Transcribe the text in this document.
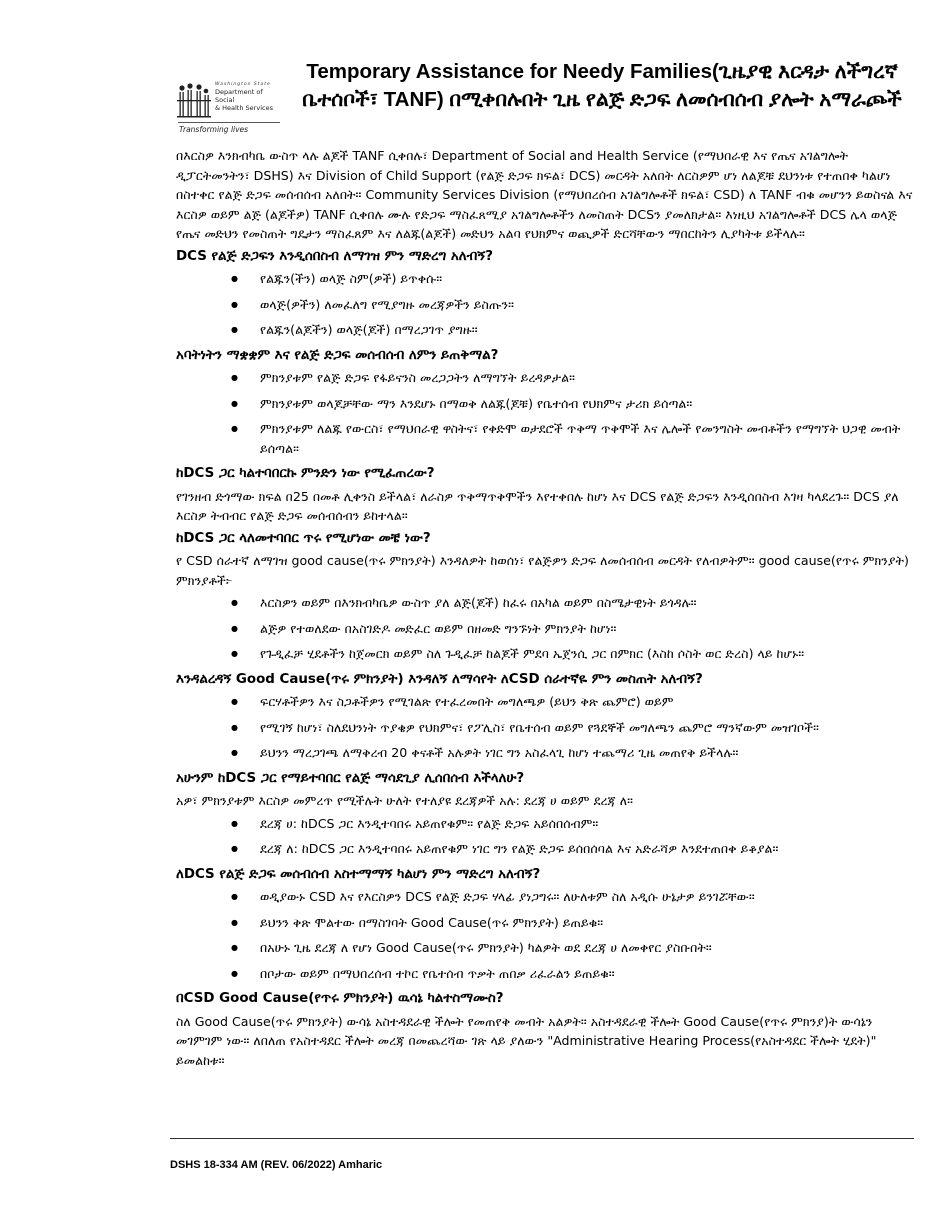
Washington State
Department of Social
& Health Services
Transforming lives
Temporary Assistance for Needy Families(ጊዜያዊ እርዳታ ለችግረኛ ቤተሰቦች፣ TANF) በሚቀበሉበት ጊዜ የልጅ ድጋፍ ለመሰብሰብ ያሎት አማራጮች

በእርስዎ እንክብካቤ ውስጥ ላሉ ልጆች TANF ሲቀበሉ፣ Department of Social and Health Service (የማህበራዊ እና የጤና አገልግሎት ዲፓርትመንትን፣ DSHS) እና Division of Child Support (የልጅ ድጋፍ ክፍል፣ DCS) መርዳት አለበት ለርስዎም ሆነ ለልጆቹ ደህንነቱ የተጠበቀ ካልሆነ በስተቀር የልጅ ድጋፍ መሰብሰብ አለበት። Community Services Division (የማህበረሰብ አገልግሎቶች ክፍል፣ CSD) ለ TANF ብቁ መሆንን ይወስናል እና እርስዎ ወይም ልጅ (ልጆችዎ) TANF ሲቀበሉ ሙሉ የድጋፍ ማስፈጸሚያ አገልግሎቶችን ለመስጠት DCSን ያመለክታል። እነዚህ አገልግሎቶች DCS ሌላ ወላጅ የጤና መድህን የመስጠት ግዴታን ማስፈጸም እና ለልጁ(ልጆች) መድህን አልባ የህክምና ወጪዎች ድርሻቸውን ማበርከትን ሊያካትቱ ይችላሉ።

DCS የልጅ ድጋፍን እንዲሰበስብ ለማገዝ ምን ማድረግ አለብኝ?
● የልጁን(ችን) ወላጅ ስም(ዎች) ይጥቀሱ።
● ወላጅ(ዎችን) ለመፈለግ የሚያግዙ መረጃዎችን ይስጡን።
● የልጁን(ልጆችን) ወላጅ(ጆች) በማረጋገጥ ያግዙ።
አባትነትን ማቋቋም እና የልጅ ድጋፍ መሰብሰብ ለምን ይጠቅማል?
● ምክንያቱም የልጅ ድጋፍ የፋይናንስ መረጋጋትን ለማግኘት ይረዳዎታል።
● ምክንያቱም ወላጆቻቸው ማን እንደሆኑ በማወቅ ለልጁ(ጆቹ) የቤተሰብ የህክምና ታሪክ ይሰጣል።
● ምክንያቱም ለልጁ የውርስ፣ የማህበራዊ ዋስትና፣ የቀድሞ ወታደሮች ጥቅማ ጥቅሞች እና ሌሎች የመንግስት መብቶችን የማግኘት ህጋዊ መብት ይሰጣል።
ከDCS ጋር ካልተባበርኩ ምንድን ነው የሚፈጠረው?

የገንዘብ ድጎማው ክፍል በ25 በመቶ ሊቀንስ ይችላል፣ ለራስዎ ጥቅማጥቅሞችን እየተቀበሉ ከሆነ እና DCS የልጅ ድጋፍን እንዲሰበስብ እገዛ ካላደረጉ። DCS ያለ እርስዎ ትብብር የልጅ ድጋፍ መሰብሰብን ይከተላል።

ከDCS ጋር ላለመተባበር ጥሩ የሚሆነው መቼ ነው?

የ CSD ሰራተኛ ለማገዝ good cause(ጥሩ ምክንያት) እንዳለዎት ከወሰነ፣ የልጅዎን ድጋፍ ለመሰብሰብ መርዳት የለብዎትም። good cause(የጥሩ ምክንያት) ምክንያቶች፦

● እርስዎን ወይም በእንክብካቤዎ ውስጥ ያለ ልጅ(ጆች) ከፈሩ በአካል ወይም በስሜታዊነት ይጎዳሉ።
● ልጅዎ የተወለደው በአስገድዶ መድፈር ወይም በዘመድ ግንኙነት ምክንያት ከሆነ።
● የጉዲፈቻ ሂደቶችን ከጀመርክ ወይም ስለ ጉዲፈቻ ከልጆች ምደባ ኤጀንሲ ጋር በምክር (እስከ ሶስት ወር ድረስ) ላይ ከሆኑ።
እንዳልረዳኝ Good Cause(ጥሩ ምክንያት) እንዳለኝ ለማሳየት ለCSD ሰራተኛዬ ምን መስጠት አለብኝ?
● ፍርሃቶችዎን እና ስጋቶችዎን የሚገልጽ የተፈረመበት መግለጫዎ (ይህን ቅጽ ጨምሮ) ወይም
● የሚገኝ ከሆነ፣ ስለደህንነት ጥያቄዎ የህክምና፣ የፖሊስ፣ የቤተሰብ ወይም የጓደኞች መግለጫን ጨምሮ ማንኛውም መዝገቦች።
● ይህንን ማረጋገጫ ለማቅረብ 20 ቀናቶች አሉዎት ነገር ግን አስፈላጊ ከሆነ ተጨማሪ ጊዜ መጠየቅ ይችላሉ።
አሁንም ከDCS ጋር የማይተባበር የልጅ ማሳደጊያ ሊሰበሰብ እችላለሁ?

አዎ፣ ምክንያቱም እርስዎ መምረጥ የሚችሉት ሁለት የተለያዩ ደረጃዎች አሉ: ደረጃ ሀ ወይም ደረጃ ለ።

● ደረጃ ሀ: ከDCS ጋር እንዲተባበሩ አይጠየቁም። የልጅ ድጋፍ አይሰበሰብም።
● ደረጃ ለ: ከDCS ጋር እንዲተባበሩ አይጠየቁም ነገር ግን የልጅ ድጋፍ ይሰበሰባል እና አድራሻዎ እንደተጠበቀ ይቆያል።
ለDCS የልጅ ድጋፍ መሰብሰብ አስተማማኝ ካልሆነ ምን ማድረግ አለብኝ?
● ወዲያውኑ CSD እና የእርስዎን DCS የልጅ ድጋፍ ሃላፊ ያነጋግሩ። ለሁለቱም ስለ አዲሱ ሁኔታዎ ይንገሯቸው።
● ይህንን ቅጽ ሞልተው በማስገባት Good Cause(ጥሩ ምክንያት) ይጠይቁ።
● በአሁኑ ጊዜ ደረጃ ለ የሆነ Good Cause(ጥሩ ምክንያት) ካልዎት ወደ ደረጃ ሀ ለመቀየር ያስቡበት።
● በቦታው ወይም በማህበረሰብ ተኮር የቤተሰብ ጥቃት ጠበቃ ሪፈራልን ይጠይቁ።
በCSD Good Cause(የጥሩ ምክንያት) ዉሳኔ ካልተስማሙስ?

ስለ Good Cause(ጥሩ ምክንያት) ውሳኔ አስተዳደራዊ ችሎት የመጠየቅ መብት አልዎት። አስተዳደራዊ ችሎት Good Cause(የጥሩ ምክንያ)ት ውሳኔን መገምገም ነው። ለበለጠ የአስተዳደር ችሎት መረጃ በመጨረሻው ገጽ ላይ ያለውን "Administrative Hearing Process(የአስተዳደር ችሎት ሂደት)" ይመልከቱ።

DSHS 18-334 AM (REV. 06/2022) Amharic
